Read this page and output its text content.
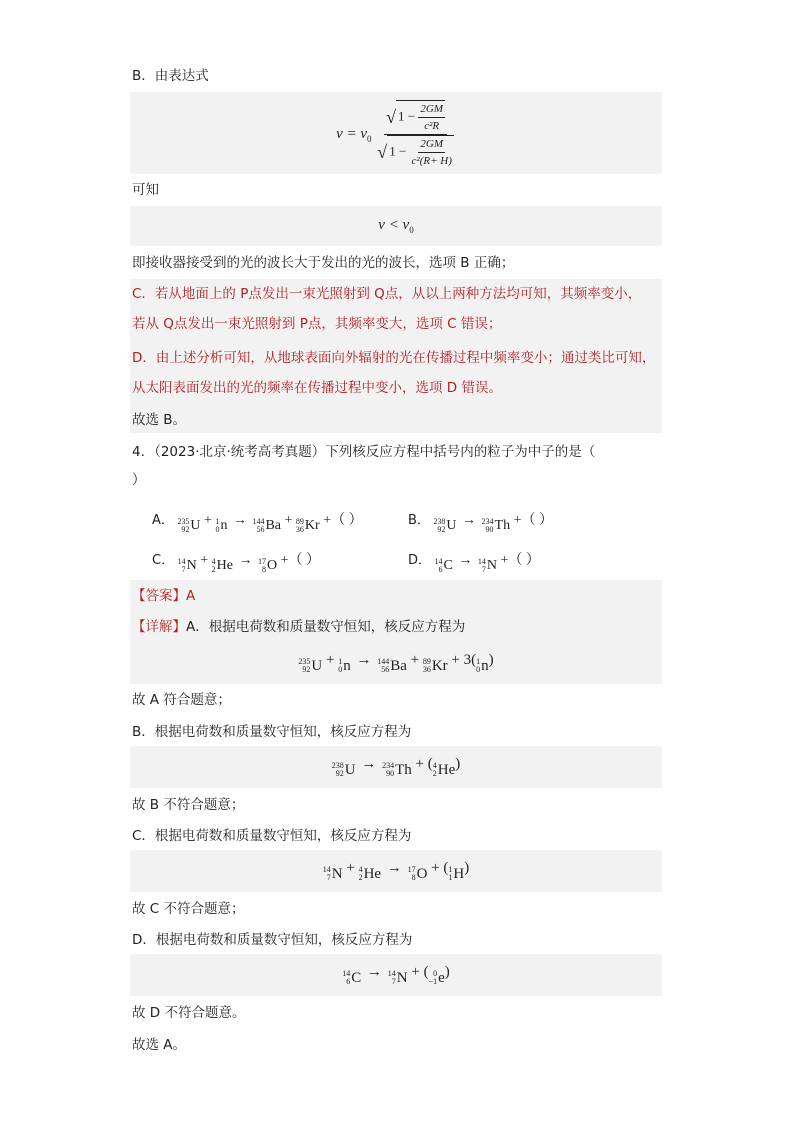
B．由表达式
$\nu = \nu_0 \frac{√ 1 - \frac{2GM}{\text{c²R}}}{√ 1 - \frac{2GM}{\text{c²(R+ H)}}}$
可知
$\nu < \nu_0$
即接收器接受到的光的波长大于发出的光的波长，选项 B 正确；
C．若从地面上的 P点发出一束光照射到 Q点，从以上两种方法均可知，其频率变小，
若从 Q点发出一束光照射到 P点，其频率变大，选项 C 错误；
D．由上述分析可知，从地球表面向外辐射的光在传播过程中频率变小；通过类比可知，
从太阳表面发出的光的频率在传播过程中变小，选项 D 错误。
故选 B。
4．（2023·北京·统考高考真题）下列核反应方程中括号内的粒子为中子的是（
）
A． 235
92 U + 1
0 n → 144
56 Ba + 89
36 Kr +（ ）	B． 238
92 U → 234
90 Th +（ ）
C． 14
7 N + 4
2 He → 17
8 O +（ ）	D． 14
6 C → 14
7 N +（ ）
【答案】A
【详解】A．根据电荷数和质量数守恒知，核反应方程为
235
92 U + 1
0 n → 144
56 Ba + 89
36 Kr + 3( 1
0 n )
故 A 符合题意；
B．根据电荷数和质量数守恒知，核反应方程为
238
92 U → 234
90 Th + ( 4
2 He )
故 B 不符合题意；
C．根据电荷数和质量数守恒知，核反应方程为
14
7 N + 4
2 He → 17
8 O + ( 1
1 H )
故 C 不符合题意；
D．根据电荷数和质量数守恒知，核反应方程为
14
6 C → 14
7 N + ( 0
−1 e )
故 D 不符合题意。
故选 A。
